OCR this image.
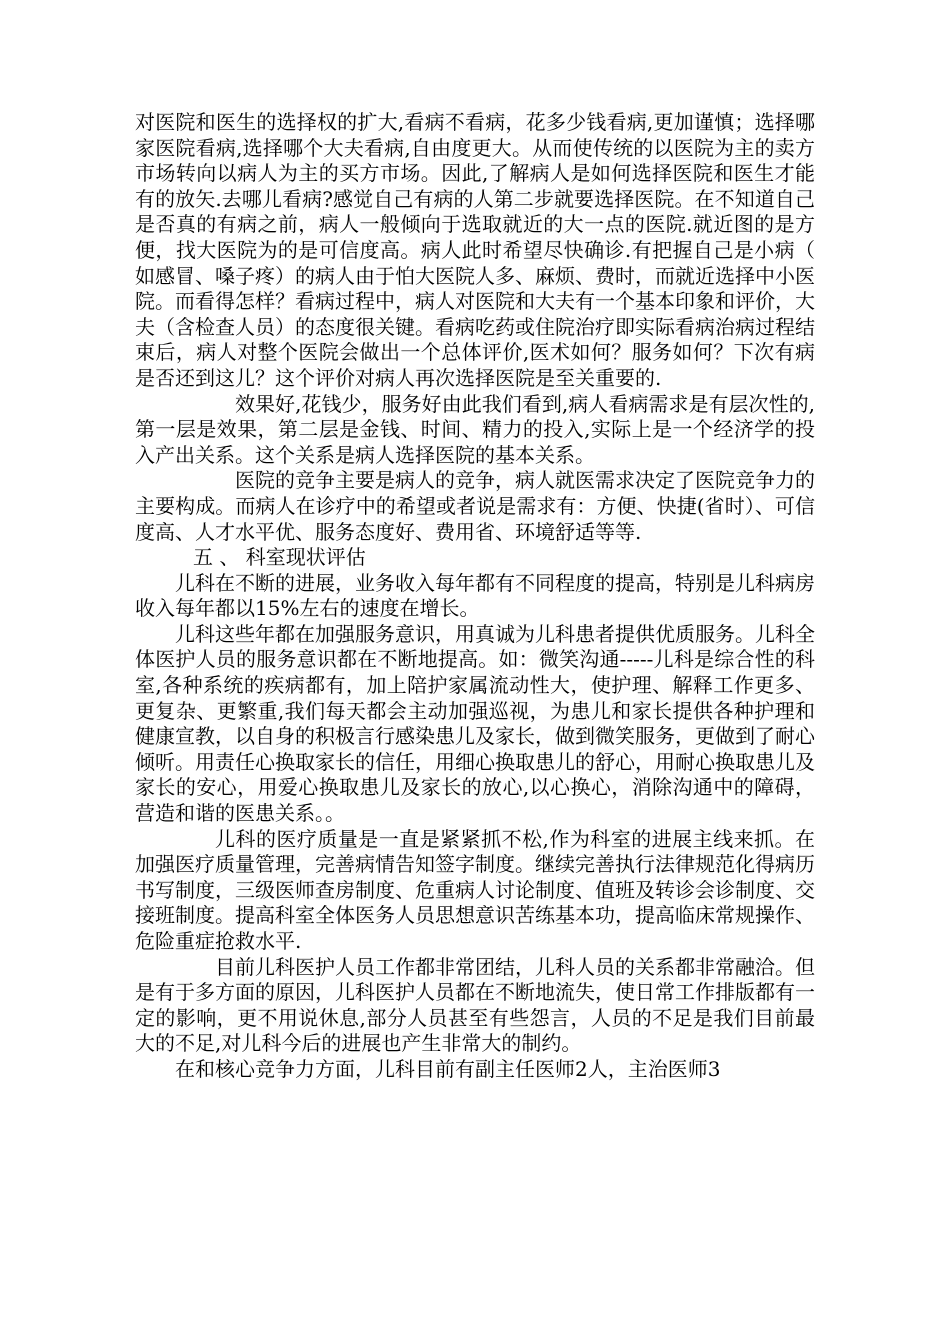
对医院和医生的选择权的扩大,看病不看病，花多少钱看病,更加谨慎；选择哪家医院看病,选择哪个大夫看病,自由度更大。从而使传统的以医院为主的卖方市场转向以病人为主的买方市场。因此,了解病人是如何选择医院和医生才能有的放矢.去哪儿看病?感觉自己有病的人第二步就要选择医院。在不知道自己是否真的有病之前，病人一般倾向于选取就近的大一点的医院.就近图的是方便，找大医院为的是可信度高。病人此时希望尽快确诊.有把握自己是小病（如感冒、嗓子疼）的病人由于怕大医院人多、麻烦、费时，而就近选择中小医院。而看得怎样？看病过程中，病人对医院和大夫有一个基本印象和评价，大夫（含检查人员）的态度很关键。看病吃药或住院治疗即实际看病治病过程结束后，病人对整个医院会做出一个总体评价,医术如何？服务如何？下次有病是否还到这儿？这个评价对病人再次选择医院是至关重要的.

效果好,花钱少，服务好由此我们看到,病人看病需求是有层次性的,第一层是效果，第二层是金钱、时间、精力的投入,实际上是一个经济学的投入产出关系。这个关系是病人选择医院的基本关系。

医院的竞争主要是病人的竞争，病人就医需求决定了医院竞争力的主要构成。而病人在诊疗中的希望或者说是需求有：方便、快捷(省时）、可信度高、人才水平优、服务态度好、费用省、环境舒适等等.

五 、 科室现状评估

儿科在不断的进展，业务收入每年都有不同程度的提高，特别是儿科病房收入每年都以15%左右的速度在增长。

儿科这些年都在加强服务意识，用真诚为儿科患者提供优质服务。儿科全体医护人员的服务意识都在不断地提高。如：微笑沟通-----儿科是综合性的科室,各种系统的疾病都有，加上陪护家属流动性大，使护理、解释工作更多、更复杂、更繁重,我们每天都会主动加强巡视，为患儿和家长提供各种护理和健康宣教，以自身的积极言行感染患儿及家长，做到微笑服务，更做到了耐心倾听。用责任心换取家长的信任，用细心换取患儿的舒心，用耐心换取患儿及家长的安心，用爱心换取患儿及家长的放心,以心换心，消除沟通中的障碍，营造和谐的医患关系。。

儿科的医疗质量是一直是紧紧抓不松,作为科室的进展主线来抓。在加强医疗质量管理，完善病情告知签字制度。继续完善执行法律规范化得病历书写制度，三级医师查房制度、危重病人讨论制度、值班及转诊会诊制度、交接班制度。提高科室全体医务人员思想意识苦练基本功，提高临床常规操作、危险重症抢救水平.

目前儿科医护人员工作都非常团结，儿科人员的关系都非常融洽。但是有于多方面的原因，儿科医护人员都在不断地流失，使日常工作排版都有一定的影响，更不用说休息,部分人员甚至有些怨言，人员的不足是我们目前最大的不足,对儿科今后的进展也产生非常大的制约。

在和核心竞争力方面，儿科目前有副主任医师2人，主治医师3
